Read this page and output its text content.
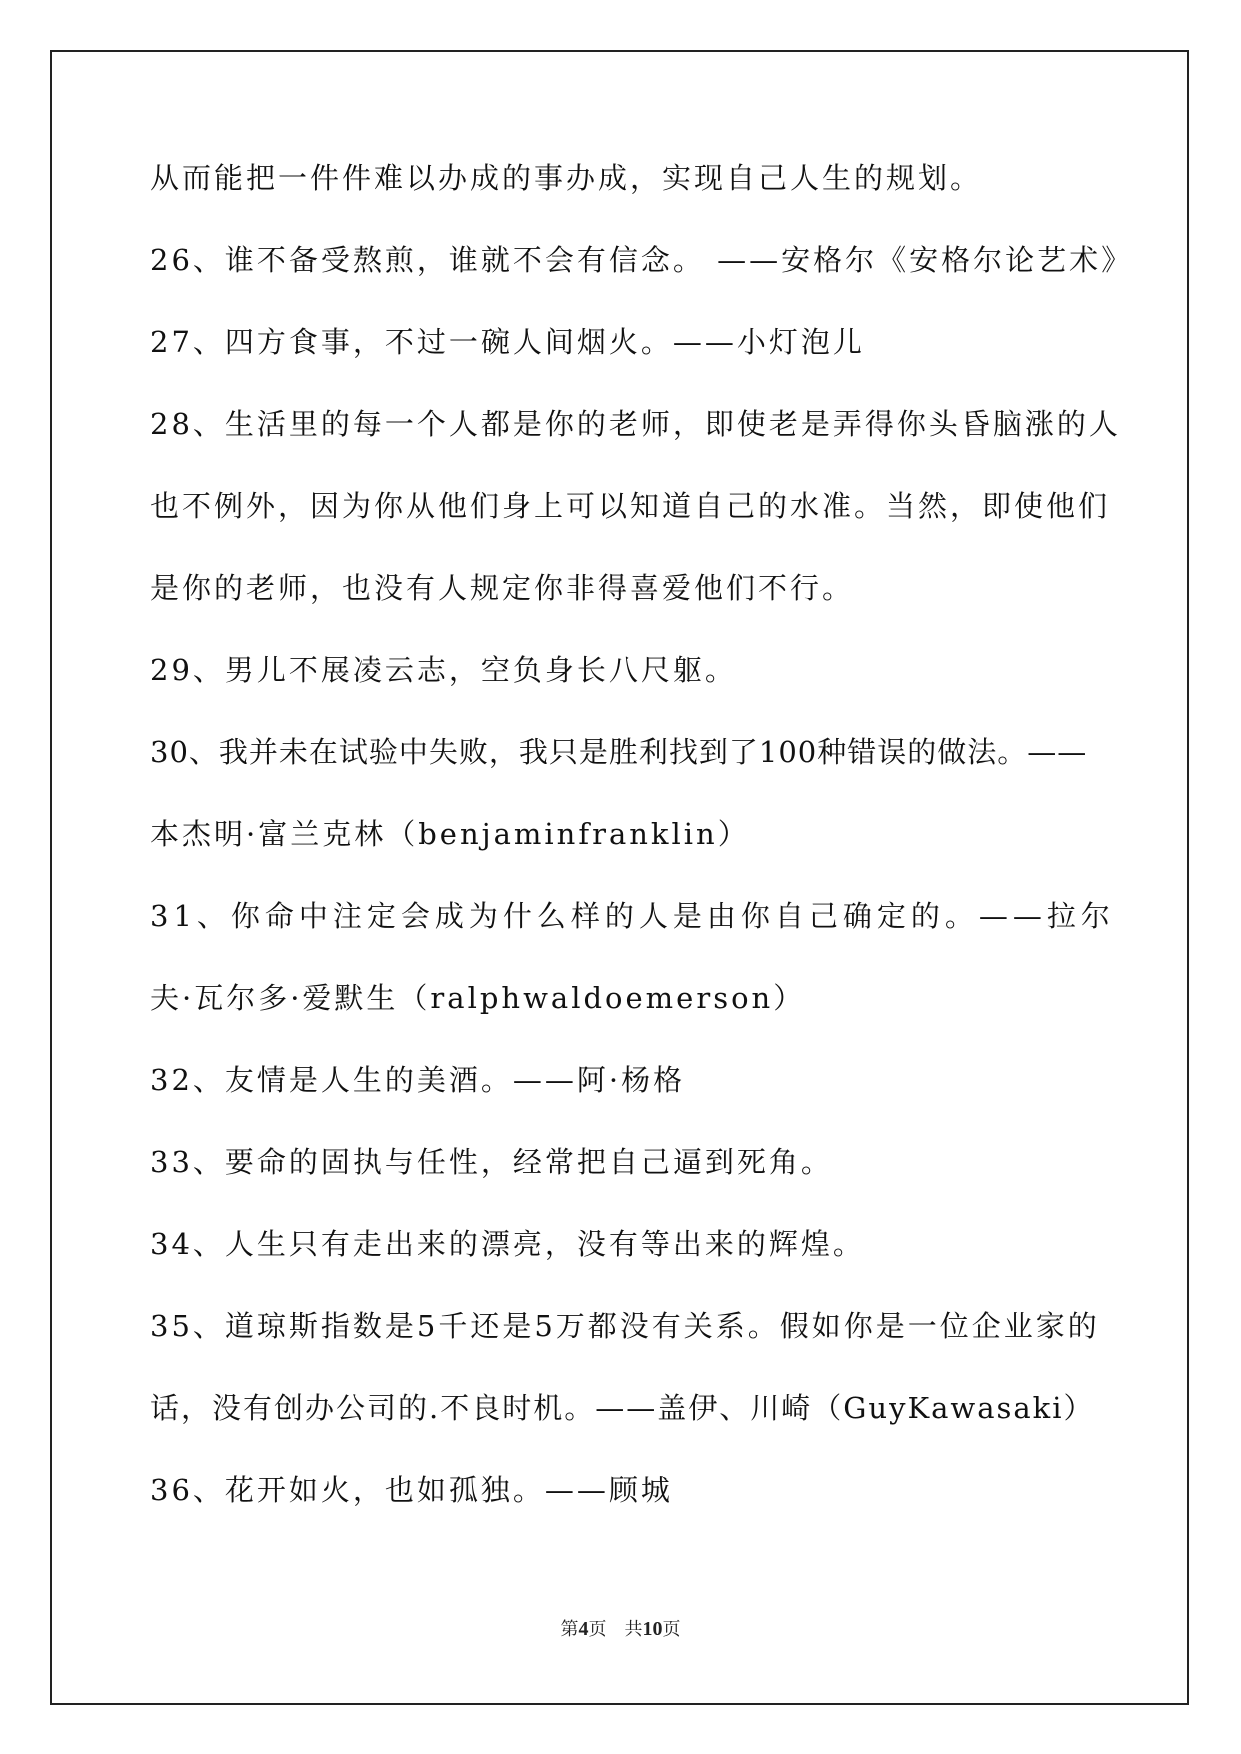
从而能把一件件难以办成的事办成，实现自己人生的规划。
26、谁不备受熬煎，谁就不会有信念。 ——安格尔《安格尔论艺术》
27、四方食事，不过一碗人间烟火。——小灯泡儿
28、生活里的每一个人都是你的老师，即使老是弄得你头昏脑涨的人
也不例外，因为你从他们身上可以知道自己的水准。当然，即使他们
是你的老师，也没有人规定你非得喜爱他们不行。
29、男儿不展凌云志，空负身长八尺躯。
30、我并未在试验中失败，我只是胜利找到了100种错误的做法。——
本杰明·富兰克林（benjaminfranklin）
31、你命中注定会成为什么样的人是由你自己确定的。——拉尔
夫·瓦尔多·爱默生（ralphwaldoemerson）
32、友情是人生的美酒。——阿·杨格
33、要命的固执与任性，经常把自己逼到死角。
34、人生只有走出来的漂亮，没有等出来的辉煌。
35、道琼斯指数是5千还是5万都没有关系。假如你是一位企业家的
话，没有创办公司的.不良时机。——盖伊、川崎（GuyKawasaki）
36、花开如火，也如孤独。——顾城
第4页　共10页
